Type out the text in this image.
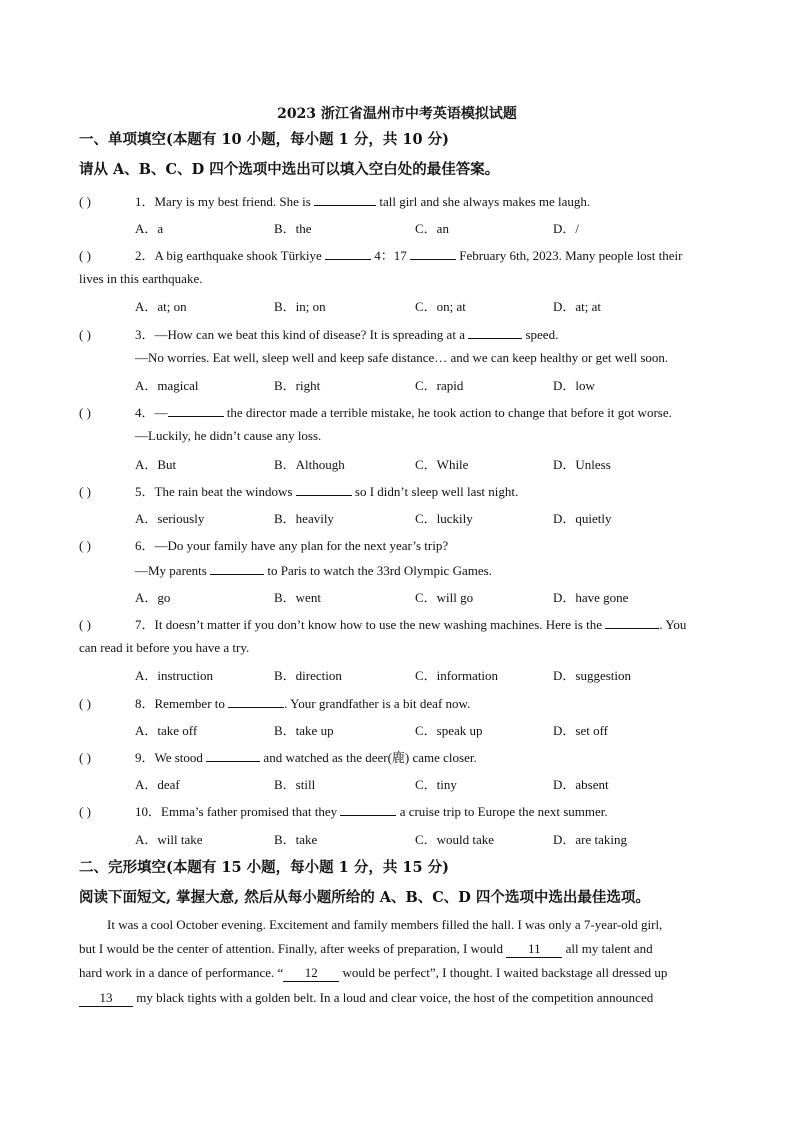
2023 浙江省温州市中考英语模拟试题
一、单项填空(本题有 10 小题，每小题 1 分，共 10 分)
请从 A、B、C、D 四个选项中选出可以填入空白处的最佳答案。
( )	1．Mary is my best friend. She is	tall girl and she always makes me laugh.
A．a	B．the	C．an	D．/
( )	2．A big earthquake shook Türkiye	4：17	February 6th, 2023. Many people lost their
lives in this earthquake.
A．at; on	B．in; on	C．on; at	D．at; at
( )	3．—How can we beat this kind of disease? It is spreading at a	speed.
—No worries. Eat well, sleep well and keep safe distance… and we can keep healthy or get well soon.
A．magical	B．right	C．rapid	D．low
( )	4．—	the director made a terrible mistake, he took action to change that before it got worse.
—Luckily, he didn’t cause any loss.
A．But	B．Although	C．While	D．Unless
( )	5．The rain beat the windows	so I didn’t sleep well last night.
A．seriously	B．heavily	C．luckily	D．quietly
( )	6．—Do your family have any plan for the next year’s trip?
—My parents	to Paris to watch the 33rd Olympic Games.
A．go	B．went	C．will go	D．have gone
( )	7．It doesn’t matter if you don’t know how to use the new washing machines. Here is the	. You
can read it before you have a try.
A．instruction	B．direction	C．information	D．suggestion
( )	8．Remember to	. Your grandfather is a bit deaf now.
A．take off	B．take up	C．speak up	D．set off
( )	9．We stood	and watched as the deer(鹿) came closer.
A．deaf	B．still	C．tiny	D．absent
( )	10．Emma’s father promised that they	a cruise trip to Europe the next summer.
A．will take	B．take	C．would take	D．are taking
二、完形填空(本题有 15 小题，每小题 1 分，共 15 分)
阅读下面短文, 掌握大意, 然后从每小题所给的 A、B、C、D 四个选项中选出最佳选项。
It was a cool October evening. Excitement and family members filled the hall. I was only a 7-year-old girl,
but I would be the center of attention. Finally, after weeks of preparation, I would 11 all my talent and
hard work in a dance of performance. “ 12 would be perfect”, I thought. I waited backstage all dressed up
13 my black tights with a golden belt. In a loud and clear voice, the host of the competition announced
